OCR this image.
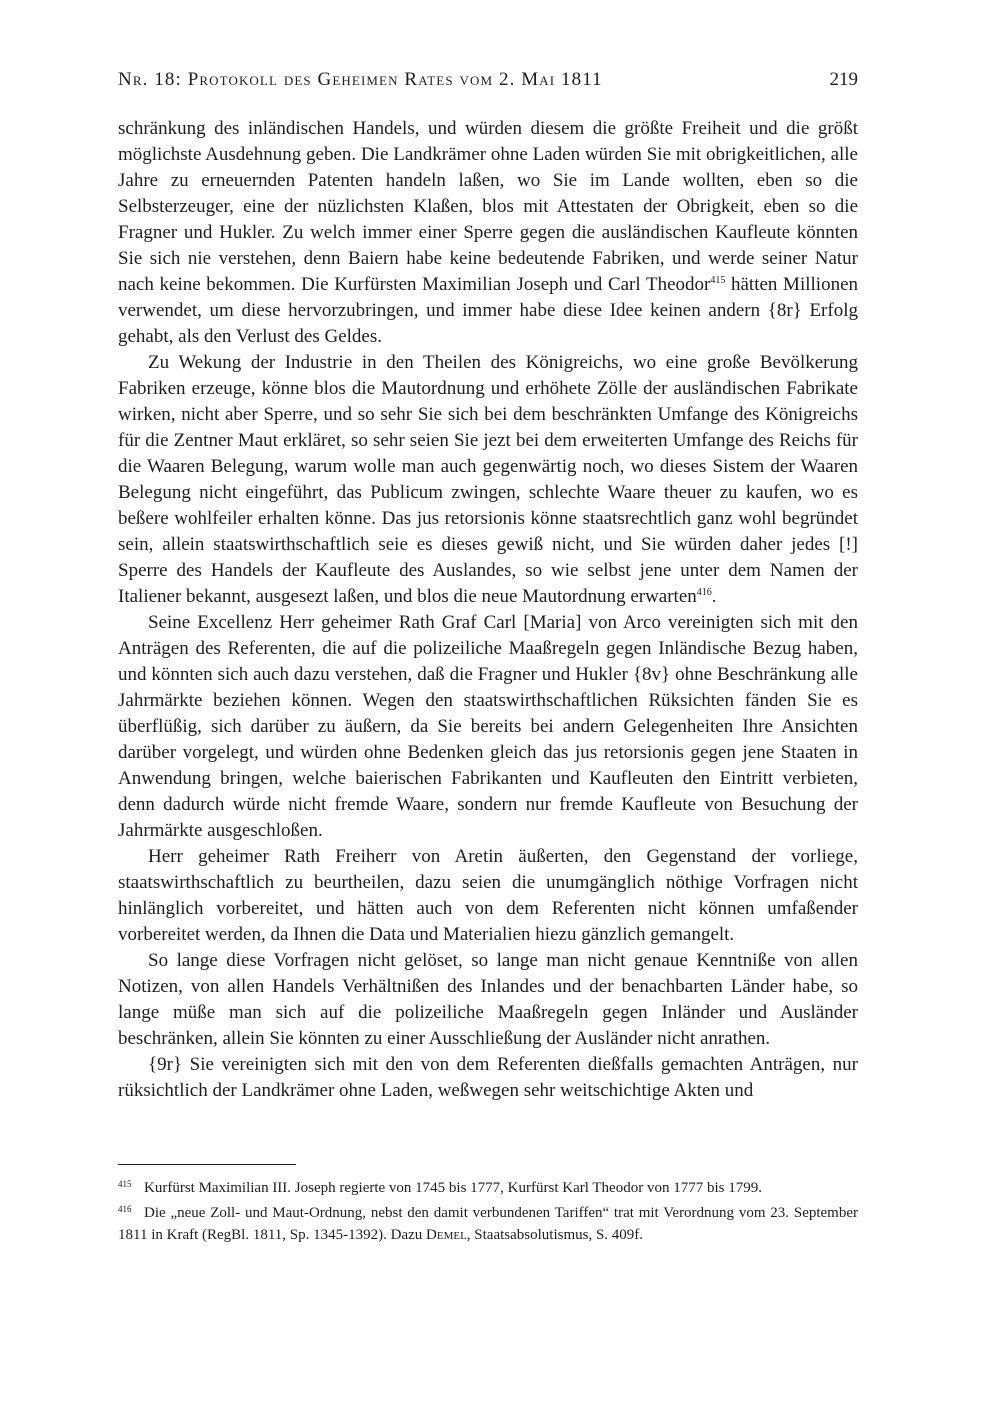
Nr. 18: Protokoll des Geheimen Rates vom 2. Mai 1811	219

schränkung des inländischen Handels, und würden diesem die größte Freiheit und die größt möglichste Ausdehnung geben. Die Landkrämer ohne Laden würden Sie mit obrigkeitlichen, alle Jahre zu erneuernden Patenten handeln laßen, wo Sie im Lande wollten, eben so die Selbsterzeuger, eine der nüzlichsten Klaßen, blos mit Attestaten der Obrigkeit, eben so die Fragner und Hukler. Zu welch immer einer Sperre gegen die ausländischen Kaufleute könnten Sie sich nie verstehen, denn Baiern habe keine bedeutende Fabriken, und werde seiner Natur nach keine bekommen. Die Kurfürsten Maximilian Joseph und Carl Theodor$^{415}$ hätten Millionen verwendet, um diese hervorzubringen, und immer habe diese Idee keinen andern {8r} Erfolg gehabt, als den Verlust des Geldes.

Zu Wekung der Industrie in den Theilen des Königreichs, wo eine große Bevölkerung Fabriken erzeuge, könne blos die Mautordnung und erhöhete Zölle der ausländischen Fabrikate wirken, nicht aber Sperre, und so sehr Sie sich bei dem beschränkten Umfange des Königreichs für die Zentner Maut erkläret, so sehr seien Sie jezt bei dem erweiterten Umfange des Reichs für die Waaren Belegung, warum wolle man auch gegenwärtig noch, wo dieses Sistem der Waaren Belegung nicht eingeführt, das Publicum zwingen, schlechte Waare theuer zu kaufen, wo es beßere wohlfeiler erhalten könne. Das jus retorsionis könne staatsrechtlich ganz wohl begründet sein, allein staatswirthschaftlich seie es dieses gewiß nicht, und Sie würden daher jedes [!] Sperre des Handels der Kaufleute des Auslandes, so wie selbst jene unter dem Namen der Italiener bekannt, ausgesezt laßen, und blos die neue Mautordnung erwarten$^{416}$.

Seine Excellenz Herr geheimer Rath Graf Carl [Maria] von Arco vereinigten sich mit den Anträgen des Referenten, die auf die polizeiliche Maaßregeln gegen Inländische Bezug haben, und könnten sich auch dazu verstehen, daß die Fragner und Hukler {8v} ohne Beschränkung alle Jahrmärkte beziehen können. Wegen den staatswirthschaftlichen Rüksichten fänden Sie es überflüßig, sich darüber zu äußern, da Sie bereits bei andern Gelegenheiten Ihre Ansichten darüber vorgelegt, und würden ohne Bedenken gleich das jus retorsionis gegen jene Staaten in Anwendung bringen, welche baierischen Fabrikanten und Kaufleuten den Eintritt verbieten, denn dadurch würde nicht fremde Waare, sondern nur fremde Kaufleute von Besuchung der Jahrmärkte ausgeschloßen.

Herr geheimer Rath Freiherr von Aretin äußerten, den Gegenstand der vorliege, staatswirthschaftlich zu beurtheilen, dazu seien die unumgänglich nöthige Vorfragen nicht hinlänglich vorbereitet, und hätten auch von dem Referenten nicht können umfaßender vorbereitet werden, da Ihnen die Data und Materialien hiezu gänzlich gemangelt.

So lange diese Vorfragen nicht gelöset, so lange man nicht genaue Kenntniße von allen Notizen, von allen Handels Verhältnißen des Inlandes und der benachbarten Länder habe, so lange müße man sich auf die polizeiliche Maaßregeln gegen Inländer und Ausländer beschränken, allein Sie könnten zu einer Ausschließung der Ausländer nicht anrathen.

{9r} Sie vereinigten sich mit den von dem Referenten dießfalls gemachten Anträgen, nur rüksichtlich der Landkrämer ohne Laden, weßwegen sehr weitschichtige Akten und

415 Kurfürst Maximilian III. Joseph regierte von 1745 bis 1777, Kurfürst Karl Theodor von 1777 bis 1799.

416 Die „neue Zoll- und Maut-Ordnung, nebst den damit verbundenen Tariffen“ trat mit Verordnung vom 23. September 1811 in Kraft (RegBl. 1811, Sp. 1345-1392). Dazu Demel, Staatsabsolutismus, S. 409f.
